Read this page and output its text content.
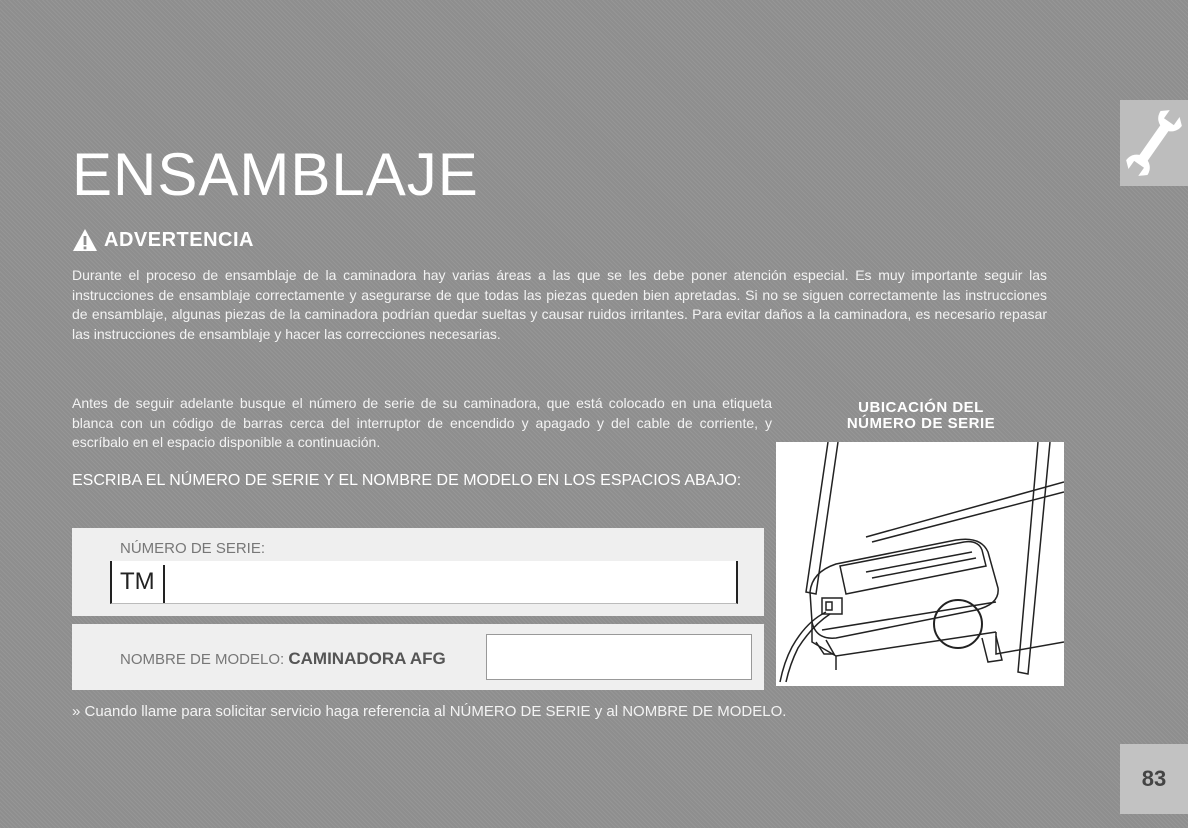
ENSAMBLAJE
ADVERTENCIA

Durante el proceso de ensamblaje de la caminadora hay varias áreas a las que se les debe poner atención especial. Es muy importante seguir las instrucciones de ensamblaje correctamente y asegurarse de que todas las piezas queden bien apretadas. Si no se siguen correctamente las instrucciones de ensamblaje, algunas piezas de la caminadora podrían quedar sueltas y causar ruidos irritantes. Para evitar daños a la caminadora, es necesario repasar las instrucciones de ensamblaje y hacer las correcciones necesarias.

Antes de seguir adelante busque el número de serie de su caminadora, que está colocado en una etiqueta blanca con un código de barras cerca del interruptor de encendido y apagado y del cable de corriente, y escríbalo en el espacio disponible a continuación.

ESCRIBA EL NÚMERO DE SERIE Y EL NOMBRE DE MODELO EN LOS ESPACIOS ABAJO:

NÚMERO DE SERIE:
TM
NOMBRE DE MODELO: CAMINADORA AFG
UBICACIÓN DEL
NÚMERO DE SERIE

» Cuando llame para solicitar servicio haga referencia al NÚMERO DE SERIE y al NOMBRE DE MODELO.

83
